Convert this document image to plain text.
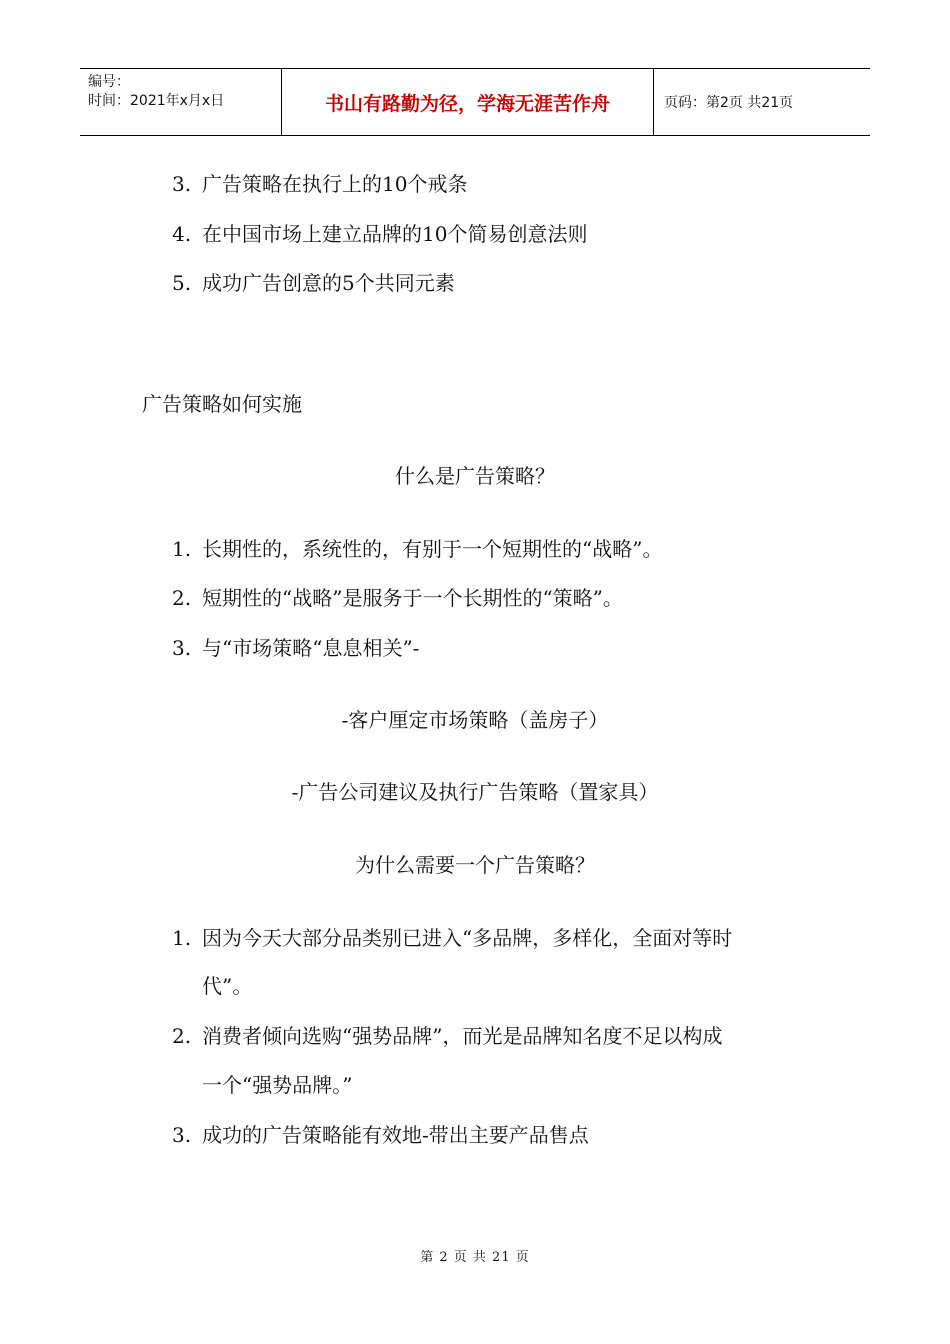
编号：
时间：2021年x月x日	书山有路勤为径，学海无涯苦作舟	页码：第2页 共21页
3. 广告策略在执行上的10个戒条
4. 在中国市场上建立品牌的10个简易创意法则
5. 成功广告创意的5个共同元素
广告策略如何实施
什么是广告策略？
1. 长期性的，系统性的，有别于一个短期性的“战略”。
2. 短期性的“战略”是服务于一个长期性的“策略”。
3. 与“市场策略“息息相关”-
-客户厘定市场策略（盖房子）
-广告公司建议及执行广告策略（置家具）
为什么需要一个广告策略？
1. 因为今天大部分品类别已进入“多品牌，多样化，全面对等时
代”。
2. 消费者倾向选购“强势品牌”，而光是品牌知名度不足以构成
一个“强势品牌。”
3. 成功的广告策略能有效地-带出主要产品售点
第 2 页 共 21 页
